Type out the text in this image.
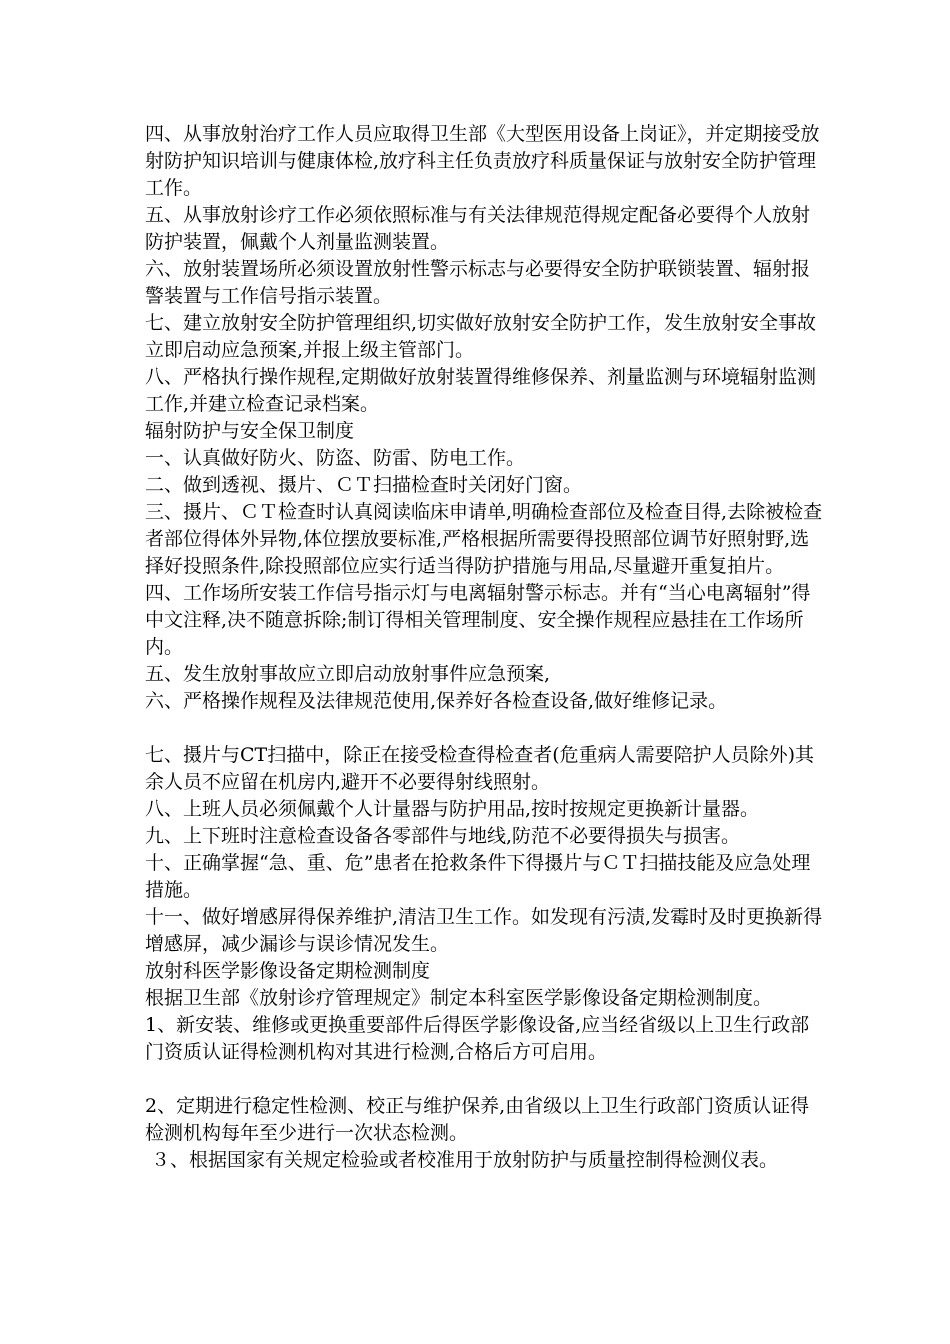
四、从事放射治疗工作人员应取得卫生部《大型医用设备上岗证》，并定期接受放射防护知识培训与健康体检,放疗科主任负责放疗科质量保证与放射安全防护管理工作。

五、从事放射诊疗工作必须依照标准与有关法律规范得规定配备必要得个人放射防护装置，佩戴个人剂量监测装置。

六、放射装置场所必须设置放射性警示标志与必要得安全防护联锁装置、辐射报警装置与工作信号指示装置。

七、建立放射安全防护管理组织,切实做好放射安全防护工作，发生放射安全事故立即启动应急预案,并报上级主管部门。

八、严格执行操作规程,定期做好放射装置得维修保养、剂量监测与环境辐射监测工作,并建立检查记录档案。

辐射防护与安全保卫制度

一、认真做好防火、防盗、防雷、防电工作。

二、做到透视、摄片、ＣＴ扫描检查时关闭好门窗。

三、摄片、ＣＴ检查时认真阅读临床申请单,明确检查部位及检查目得,去除被检查者部位得体外异物,体位摆放要标准,严格根据所需要得投照部位调节好照射野,选择好投照条件,除投照部位应实行适当得防护措施与用品,尽量避开重复拍片。

四、工作场所安装工作信号指示灯与电离辐射警示标志。并有“当心电离辐射”得中文注释,决不随意拆除;制订得相关管理制度、安全操作规程应悬挂在工作场所内。

五、发生放射事故应立即启动放射事件应急预案,

六、严格操作规程及法律规范使用,保养好各检查设备,做好维修记录。

七、摄片与CT扫描中，除正在接受检查得检查者(危重病人需要陪护人员除外)其余人员不应留在机房内,避开不必要得射线照射。

八、上班人员必须佩戴个人计量器与防护用品,按时按规定更换新计量器。

九、上下班时注意检查设备各零部件与地线,防范不必要得损失与损害。

十、正确掌握“急、重、危”患者在抢救条件下得摄片与ＣＴ扫描技能及应急处理措施。

十一、做好增感屏得保养维护,清洁卫生工作。如发现有污渍,发霉时及时更换新得增感屏，减少漏诊与误诊情况发生。

放射科医学影像设备定期检测制度

根据卫生部《放射诊疗管理规定》制定本科室医学影像设备定期检测制度。

1、新安装、维修或更换重要部件后得医学影像设备,应当经省级以上卫生行政部门资质认证得检测机构对其进行检测,合格后方可启用。

2、定期进行稳定性检测、校正与维护保养,由省级以上卫生行政部门资质认证得检测机构每年至少进行一次状态检测。

３、根据国家有关规定检验或者校准用于放射防护与质量控制得检测仪表。
